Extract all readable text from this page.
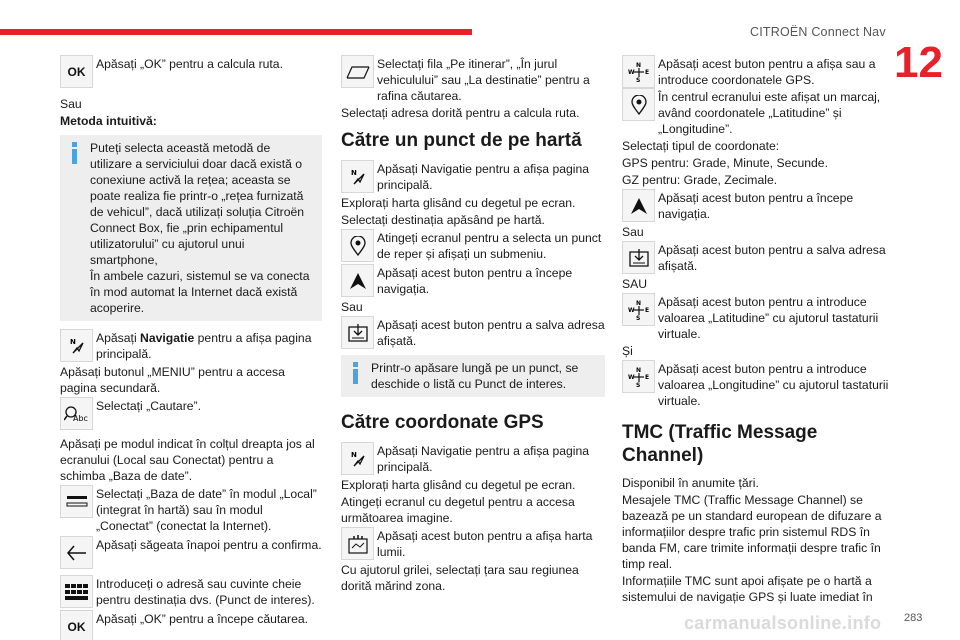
CITROËN Connect Nav
12
carmanualsonline.info 283
OK
Apăsați „OK” pentru a calcula ruta.
Sau
Metoda intuitivă:
Puteți selecta această metodă de utilizare a serviciului doar dacă există o conexiune activă la rețea; aceasta se poate realiza fie printr-o „rețea furnizată de vehicul”, dacă utilizați soluția Citroën Connect Box, fie „prin echipamentul utilizatorului” cu ajutorul unui smartphone,
În ambele cazuri, sistemul se va conecta în mod automat la Internet dacă există acoperire.
N Apăsați Navigatie pentru a afișa pagina principală.
Apăsați butonul „MENIU” pentru a accesa pagina secundară.
Abc
Selectați „Cautare”.
Apăsați pe modul indicat în colțul dreapta jos al ecranului (Local sau Conectat) pentru a schimba „Baza de date”.
Selectați „Baza de date” în modul „Local” (integrat în hartă) sau în modul „Conectat” (conectat la Internet).
Apăsați săgeata înapoi pentru a confirma.
Introduceți o adresă sau cuvinte cheie pentru destinația dvs. (Punct de interes).
OK
Apăsați „OK” pentru a începe căutarea.
Selectați fila „Pe itinerar”, „În jurul vehiculului” sau „La destinatie” pentru a rafina căutarea.
Selectați adresa dorită pentru a calcula ruta.
Către un punct de pe hartă
N Apăsați Navigatie pentru a afișa pagina principală.
Explorați harta glisând cu degetul pe ecran.
Selectați destinația apăsând pe hartă.
Atingeți ecranul pentru a selecta un punct de reper și afișați un submeniu.
Apăsați acest buton pentru a începe navigația.
Sau
Apăsați acest buton pentru a salva adresa afișată.
Printr-o apăsare lungă pe un punct, se deschide o listă cu Punct de interes.
Către coordonate GPS
N Apăsați Navigatie pentru a afișa pagina principală.
Explorați harta glisând cu degetul pe ecran.
Atingeți ecranul cu degetul pentru a accesa următoarea imagine.
Apăsați acest buton pentru a afișa harta lumii.
Cu ajutorul grilei, selectați țara sau regiunea dorită mărind zona.
N
W E
S
Apăsați acest buton pentru a afișa sau a introduce coordonatele GPS.
În centrul ecranului este afișat un marcaj, având coordonatele „Latitudine” și „Longitudine”.
Selectați tipul de coordonate:
GPS pentru: Grade, Minute, Secunde.
GZ pentru: Grade, Zecimale.
Apăsați acest buton pentru a începe navigația.
Sau
Apăsați acest buton pentru a salva adresa afișată.
SAU
N
W E
S
Apăsați acest buton pentru a introduce valoarea „Latitudine” cu ajutorul tastaturii virtuale.
Și
N
W E
S
Apăsați acest buton pentru a introduce valoarea „Longitudine” cu ajutorul tastaturii virtuale.
TMC (Traffic Message Channel)
Disponibil în anumite țări.
Mesajele TMC (Traffic Message Channel) se bazează pe un standard european de difuzare a informațiilor despre trafic prin sistemul RDS în banda FM, care trimite informații despre trafic în timp real.
Informațiile TMC sunt apoi afișate pe o hartă a sistemului de navigație GPS și luate imediat în
